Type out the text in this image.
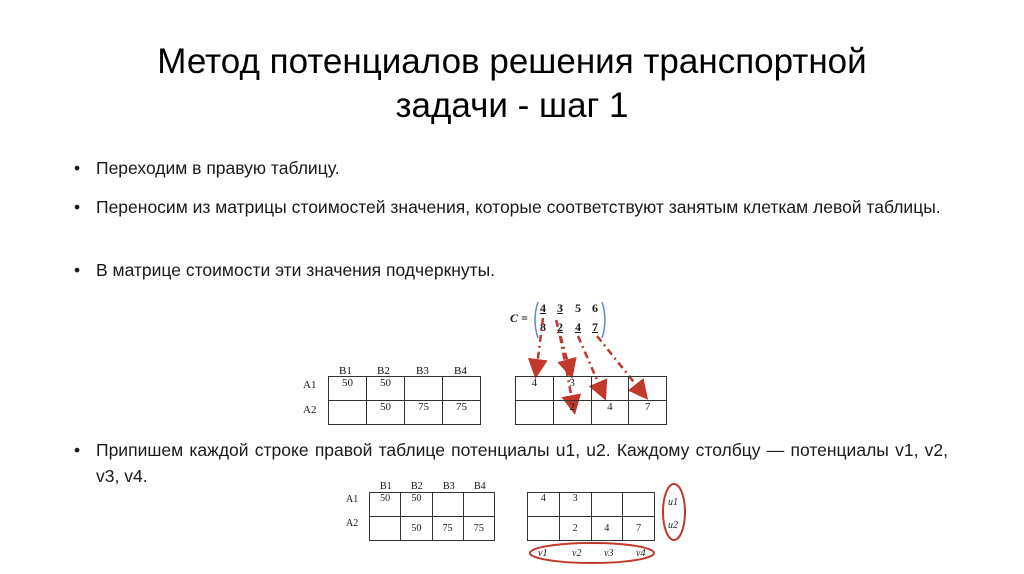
Метод потенциалов решения транспортной
задачи - шаг 1
• Переходим в правую таблицу.
• Переносим из матрицы стоимостей значения, которые соответствуют занятым клеткам левой таблицы.
• В матрице стоимости эти значения подчеркнуты.
• Припишем каждой строке правой таблице потенциалы u1, u2. Каждому столбцу — потенциалы v1, v2, v3, v4.
C =
4 3 5 6
8 2 4 7
B1 B2 B3 B4
A1
A2
50	50		
	50	75	75
4	3		
	2	4	7
B1 B2 B3 B4
A1
A2
50	50		
	50	75	75
4	3		
	2	4	7
u1
u2
v1 v2 v3 v4
